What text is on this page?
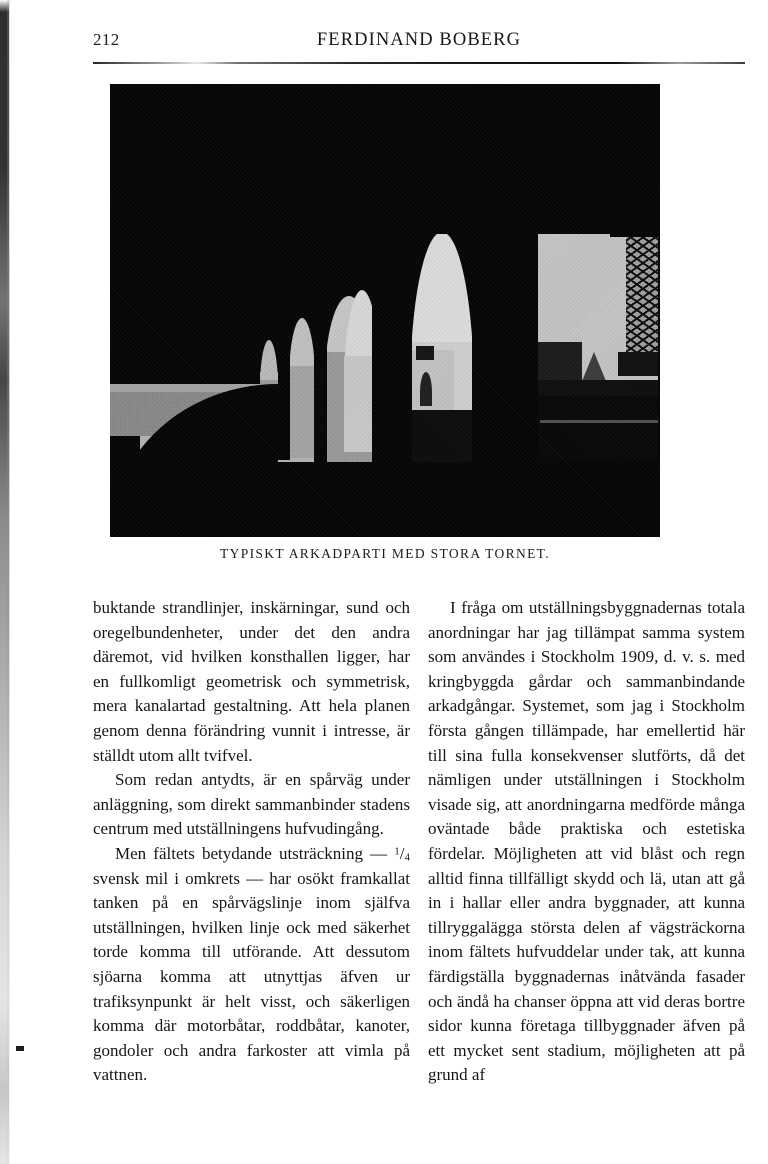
212	FERDINAND BOBERG
TYPISKT ARKADPARTI MED STORA TORNET.

buktande strandlinjer, inskärningar, sund och oregelbundenheter, under det den andra däremot, vid hvilken konsthallen ligger, har en fullkomligt geometrisk och symmetrisk, mera kanalartad gestaltning. Att hela planen genom denna förändring vunnit i intresse, är ställdt utom allt tvifvel.

Som redan antydts, är en spårväg under anläggning, som direkt sammanbinder stadens centrum med utställningens hufvudingång.

Men fältets betydande utsträckning — $^1/_4$ svensk mil i omkrets — har osökt framkallat tanken på en spårvägslinje inom själfva utställningen, hvilken linje ock med säkerhet torde komma till utförande. Att dessutom sjöarna komma att utnyttjas äfven ur trafiksynpunkt är helt visst, och säkerligen komma där motorbåtar, roddbåtar, kanoter, gondoler och andra farkoster att vimla på vattnen.

I fråga om utställningsbyggnadernas totala anordningar har jag tillämpat samma system som användes i Stockholm 1909, d. v. s. med kringbyggda gårdar och sammanbindande arkadgångar. Systemet, som jag i Stockholm första gången tillämpade, har emellertid här till sina fulla konsekvenser slutförts, då det nämligen under utställningen i Stockholm visade sig, att anordningarna medförde många oväntade både praktiska och estetiska fördelar. Möjligheten att vid blåst och regn alltid finna tillfälligt skydd och lä, utan att gå in i hallar eller andra byggnader, att kunna tillryggalägga största delen af vägsträckorna inom fältets hufvuddelar under tak, att kunna färdigställa byggnadernas inåtvända fasader och ändå ha chanser öppna att vid deras bortre sidor kunna företaga tillbyggnader äfven på ett mycket sent stadium, möjligheten att på grund af
